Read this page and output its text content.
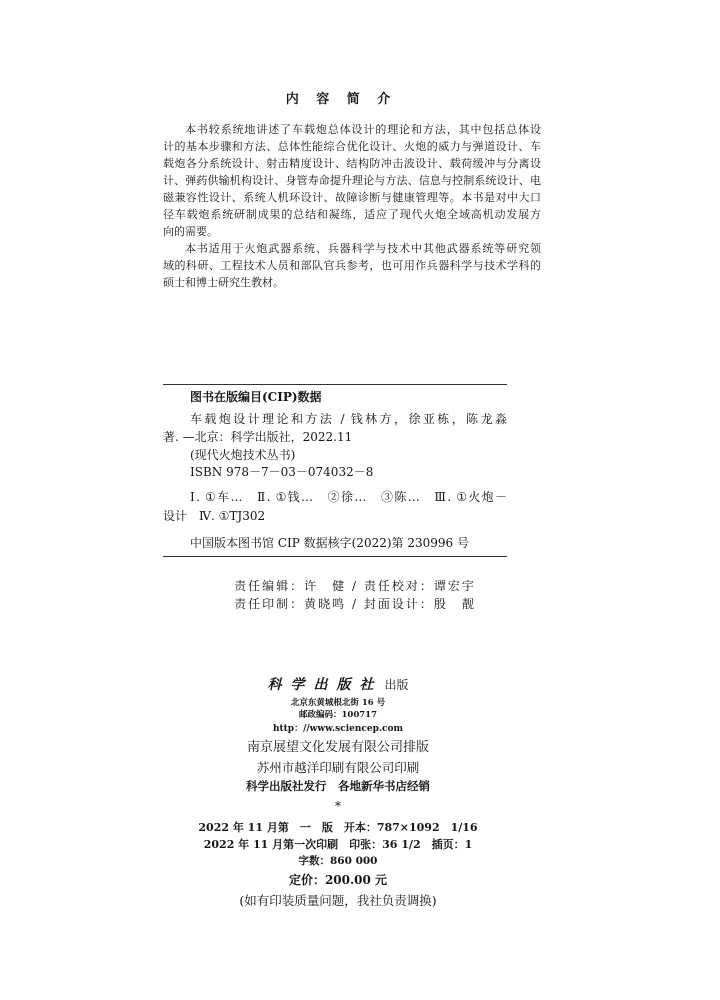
内 容 简 介
本书较系统地讲述了车载炮总体设计的理论和方法，其中包括总体设
计的基本步骤和方法、总体性能综合优化设计、火炮的威力与弹道设计、车
载炮各分系统设计、射击精度设计、结构防冲击波设计、载荷缓冲与分离设
计、弹药供输机构设计、身管寿命提升理论与方法、信息与控制系统设计、电
磁兼容性设计、系统人机环设计、故障诊断与健康管理等。本书是对中大口
径车载炮系统研制成果的总结和凝练，适应了现代火炮全域高机动发展方
向的需要。
本书适用于火炮武器系统、兵器科学与技术中其他武器系统等研究领
域的科研、工程技术人员和部队官兵参考，也可用作兵器科学与技术学科的
硕士和博士研究生教材。
图书在版编目(CIP)数据
车载炮设计理论和方法 / 钱林方，徐亚栋，陈龙淼
著. —北京：科学出版社，2022.11
(现代火炮技术丛书)
ISBN 978－7－03－074032－8
Ⅰ. ①车…　Ⅱ. ①钱…　②徐…　③陈…　Ⅲ. ①火炮－
设计　Ⅳ. ①TJ302
中国版本图书馆 CIP 数据核字(2022)第 230996 号
责任编辑：许　健 / 责任校对：谭宏宇
责任印制：黄晓鸣 / 封面设计：殷　靓
科学出版社 出版
北京东黄城根北街 16 号
邮政编码：100717
http：//www.sciencep.com
南京展望文化发展有限公司排版
苏州市越洋印刷有限公司印刷
科学出版社发行　各地新华书店经销
*
2022 年 11 月第　一　版　开本：787×1092　1/16
2022 年 11 月第一次印刷　印张：36 1/2　插页：1
字数：860 000
定价：200.00 元
(如有印装质量问题，我社负责调换)
